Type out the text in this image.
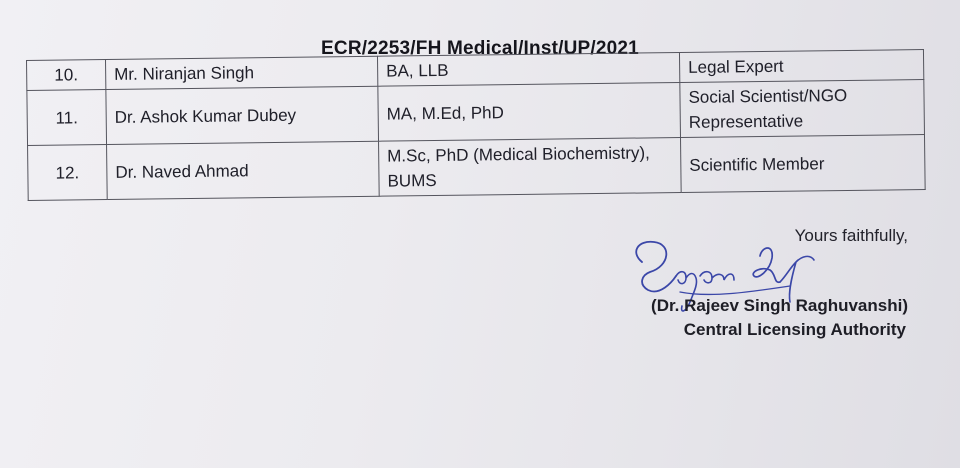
ECR/2253/FH Medical/Inst/UP/2021
10.	Mr. Niranjan Singh	BA, LLB	Legal Expert
11.	Dr. Ashok Kumar Dubey	MA, M.Ed, PhD	Social Scientist/NGO Representative
12.	Dr. Naved Ahmad	M.Sc, PhD (Medical Biochemistry), BUMS	Scientific Member
Yours faithfully,
(Dr. Rajeev Singh Raghuvanshi)
Central Licensing Authority
